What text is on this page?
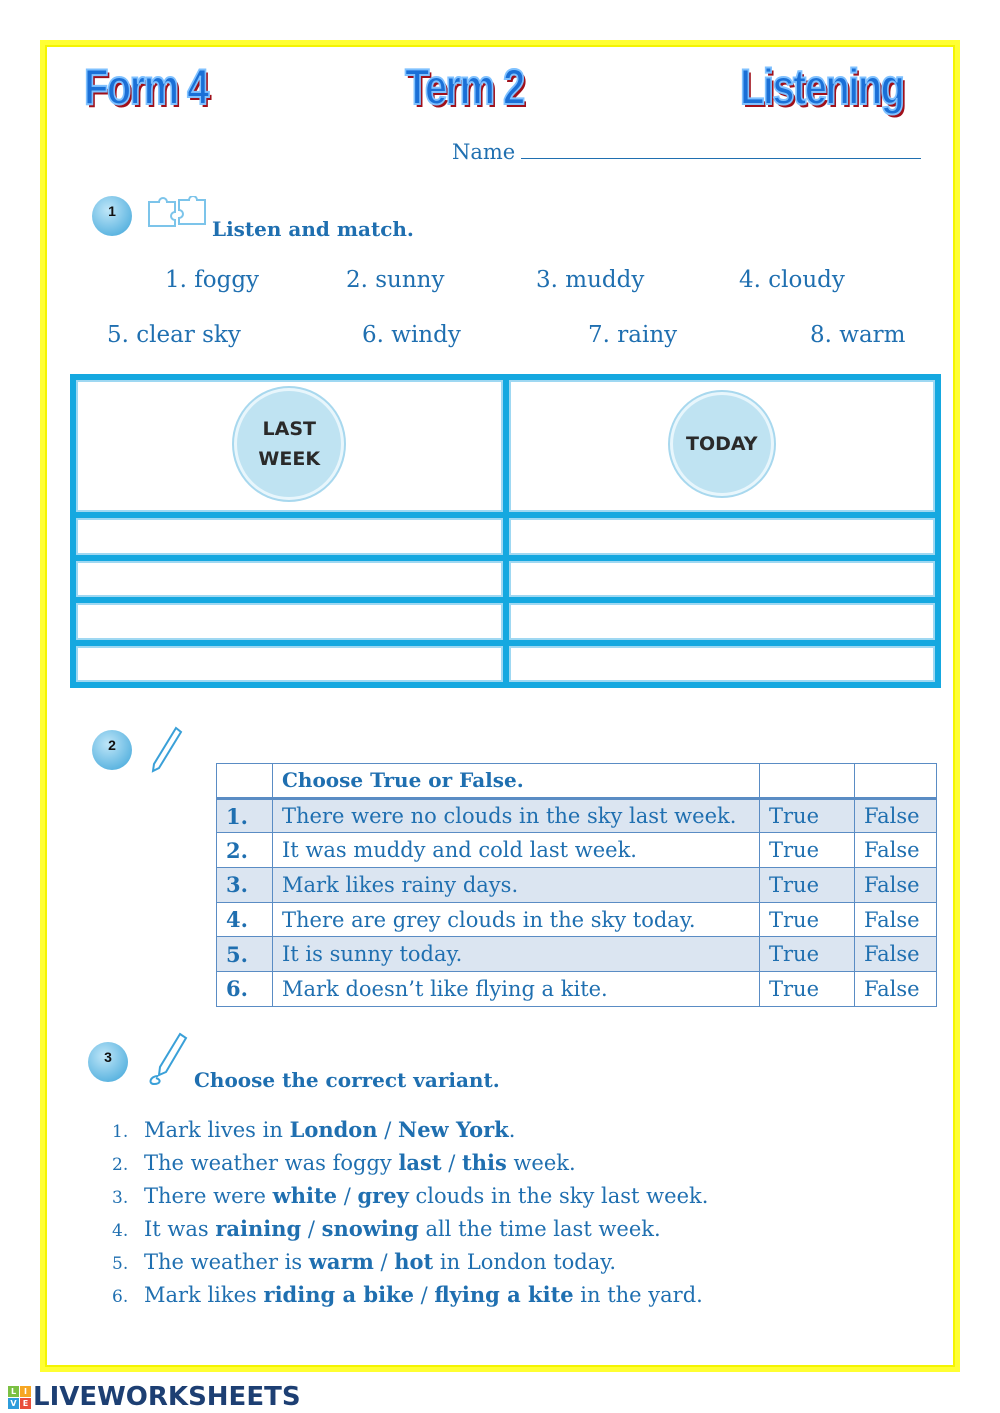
Form 4	Term 2	Listening
Name
1
Listen and match.
1. foggy	2. sunny	3. muddy	4. cloudy
5. clear sky	6. windy	7. rainy	8. warm
LAST WEEK
TODAY
2
	Choose True or False.		
1.	There were no clouds in the sky last week.	True	False
2.	It was muddy and cold last week.	True	False
3.	Mark likes rainy days.	True	False
4.	There are grey clouds in the sky today.	True	False
5.	It is sunny today.	True	False
6.	Mark doesn’t like flying a kite.	True	False
3
Choose the correct variant.
1. Mark lives in London / New York.
2. The weather was foggy last / this week.
3. There were white / grey clouds in the sky last week.
4. It was raining / snowing all the time last week.
5. The weather is warm / hot in London today.
6. Mark likes riding a bike / flying a kite in the yard.
L I
V E LIVEWORKSHEETS
